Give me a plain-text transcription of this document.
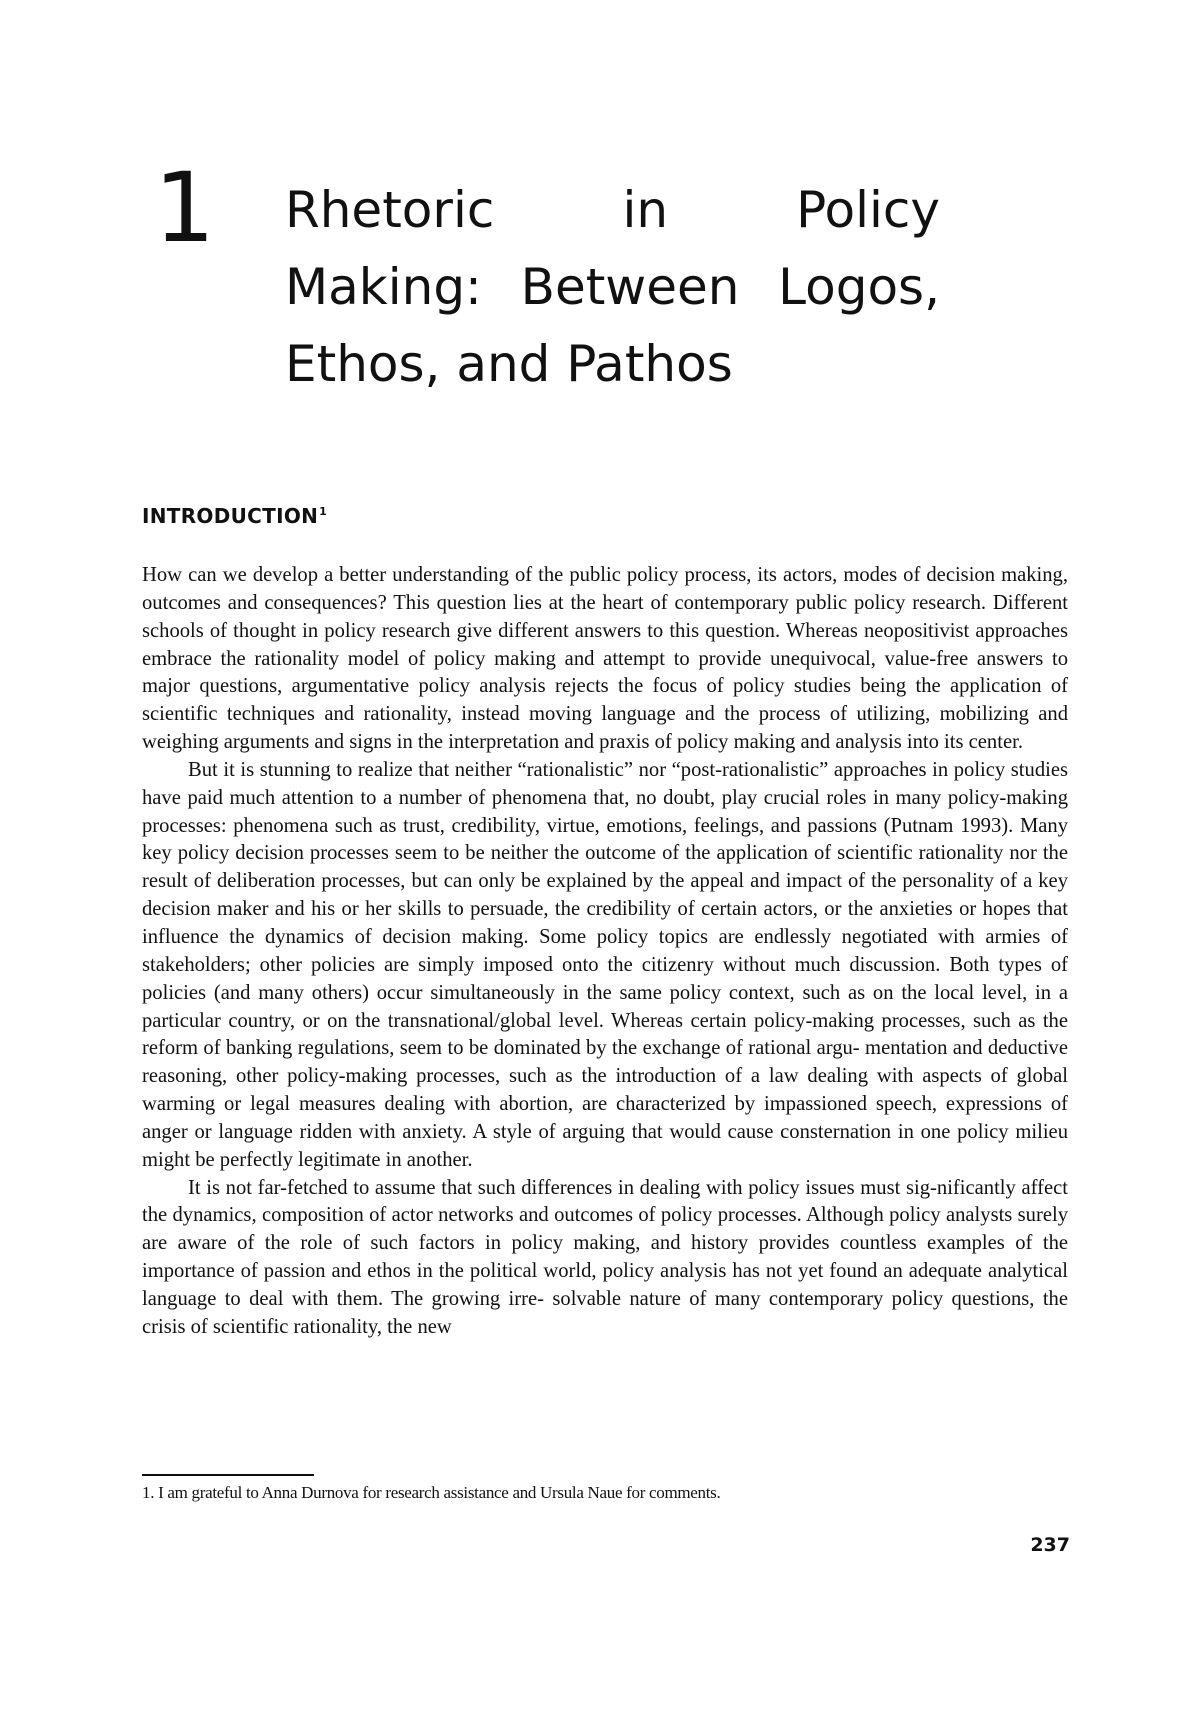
1 Rhetoric	in	Policy
Making: Between Logos,
Ethos, and Pathos
INTRODUCTION$^1$

How can we develop a better understanding of the public policy process, its actors, modes of decision making, outcomes and consequences? This question lies at the heart of contemporary public policy research. Different schools of thought in policy research give different answers to this question. Whereas neopositivist approaches embrace the rationality model of policy making and attempt to provide unequivocal, value-free answers to major questions, argumentative policy analysis rejects the focus of policy studies being the application of scientific techniques and rationality, instead moving language and the process of utilizing, mobilizing and weighing arguments and signs in the interpretation and praxis of policy making and analysis into its center.

But it is stunning to realize that neither “rationalistic” nor “post-rationalistic” approaches in policy studies have paid much attention to a number of phenomena that, no doubt, play crucial roles in many policy-making processes: phenomena such as trust, credibility, virtue, emotions, feelings, and passions (Putnam 1993). Many key policy decision processes seem to be neither the outcome of the application of scientific rationality nor the result of deliberation processes, but can only be explained by the appeal and impact of the personality of a key decision maker and his or her skills to persuade, the credibility of certain actors, or the anxieties or hopes that influence the dynamics of decision making. Some policy topics are endlessly negotiated with armies of stakeholders; other policies are simply imposed onto the citizenry without much discussion. Both types of policies (and many others) occur simultaneously in the same policy context, such as on the local level, in a particular country, or on the transnational/global level. Whereas certain policy-making processes, such as the reform of banking regulations, seem to be dominated by the exchange of rational argu- mentation and deductive reasoning, other policy-making processes, such as the introduction of a law dealing with aspects of global warming or legal measures dealing with abortion, are characterized by impassioned speech, expressions of anger or language ridden with anxiety. A style of arguing that would cause consternation in one policy milieu might be perfectly legitimate in another.

It is not far-fetched to assume that such differences in dealing with policy issues must sig-nificantly affect the dynamics, composition of actor networks and outcomes of policy processes. Although policy analysts surely are aware of the role of such factors in policy making, and history provides countless examples of the importance of passion and ethos in the political world, policy analysis has not yet found an adequate analytical language to deal with them. The growing irre- solvable nature of many contemporary policy questions, the crisis of scientific rationality, the new

1. I am grateful to Anna Durnova for research assistance and Ursula Naue for comments.
237
